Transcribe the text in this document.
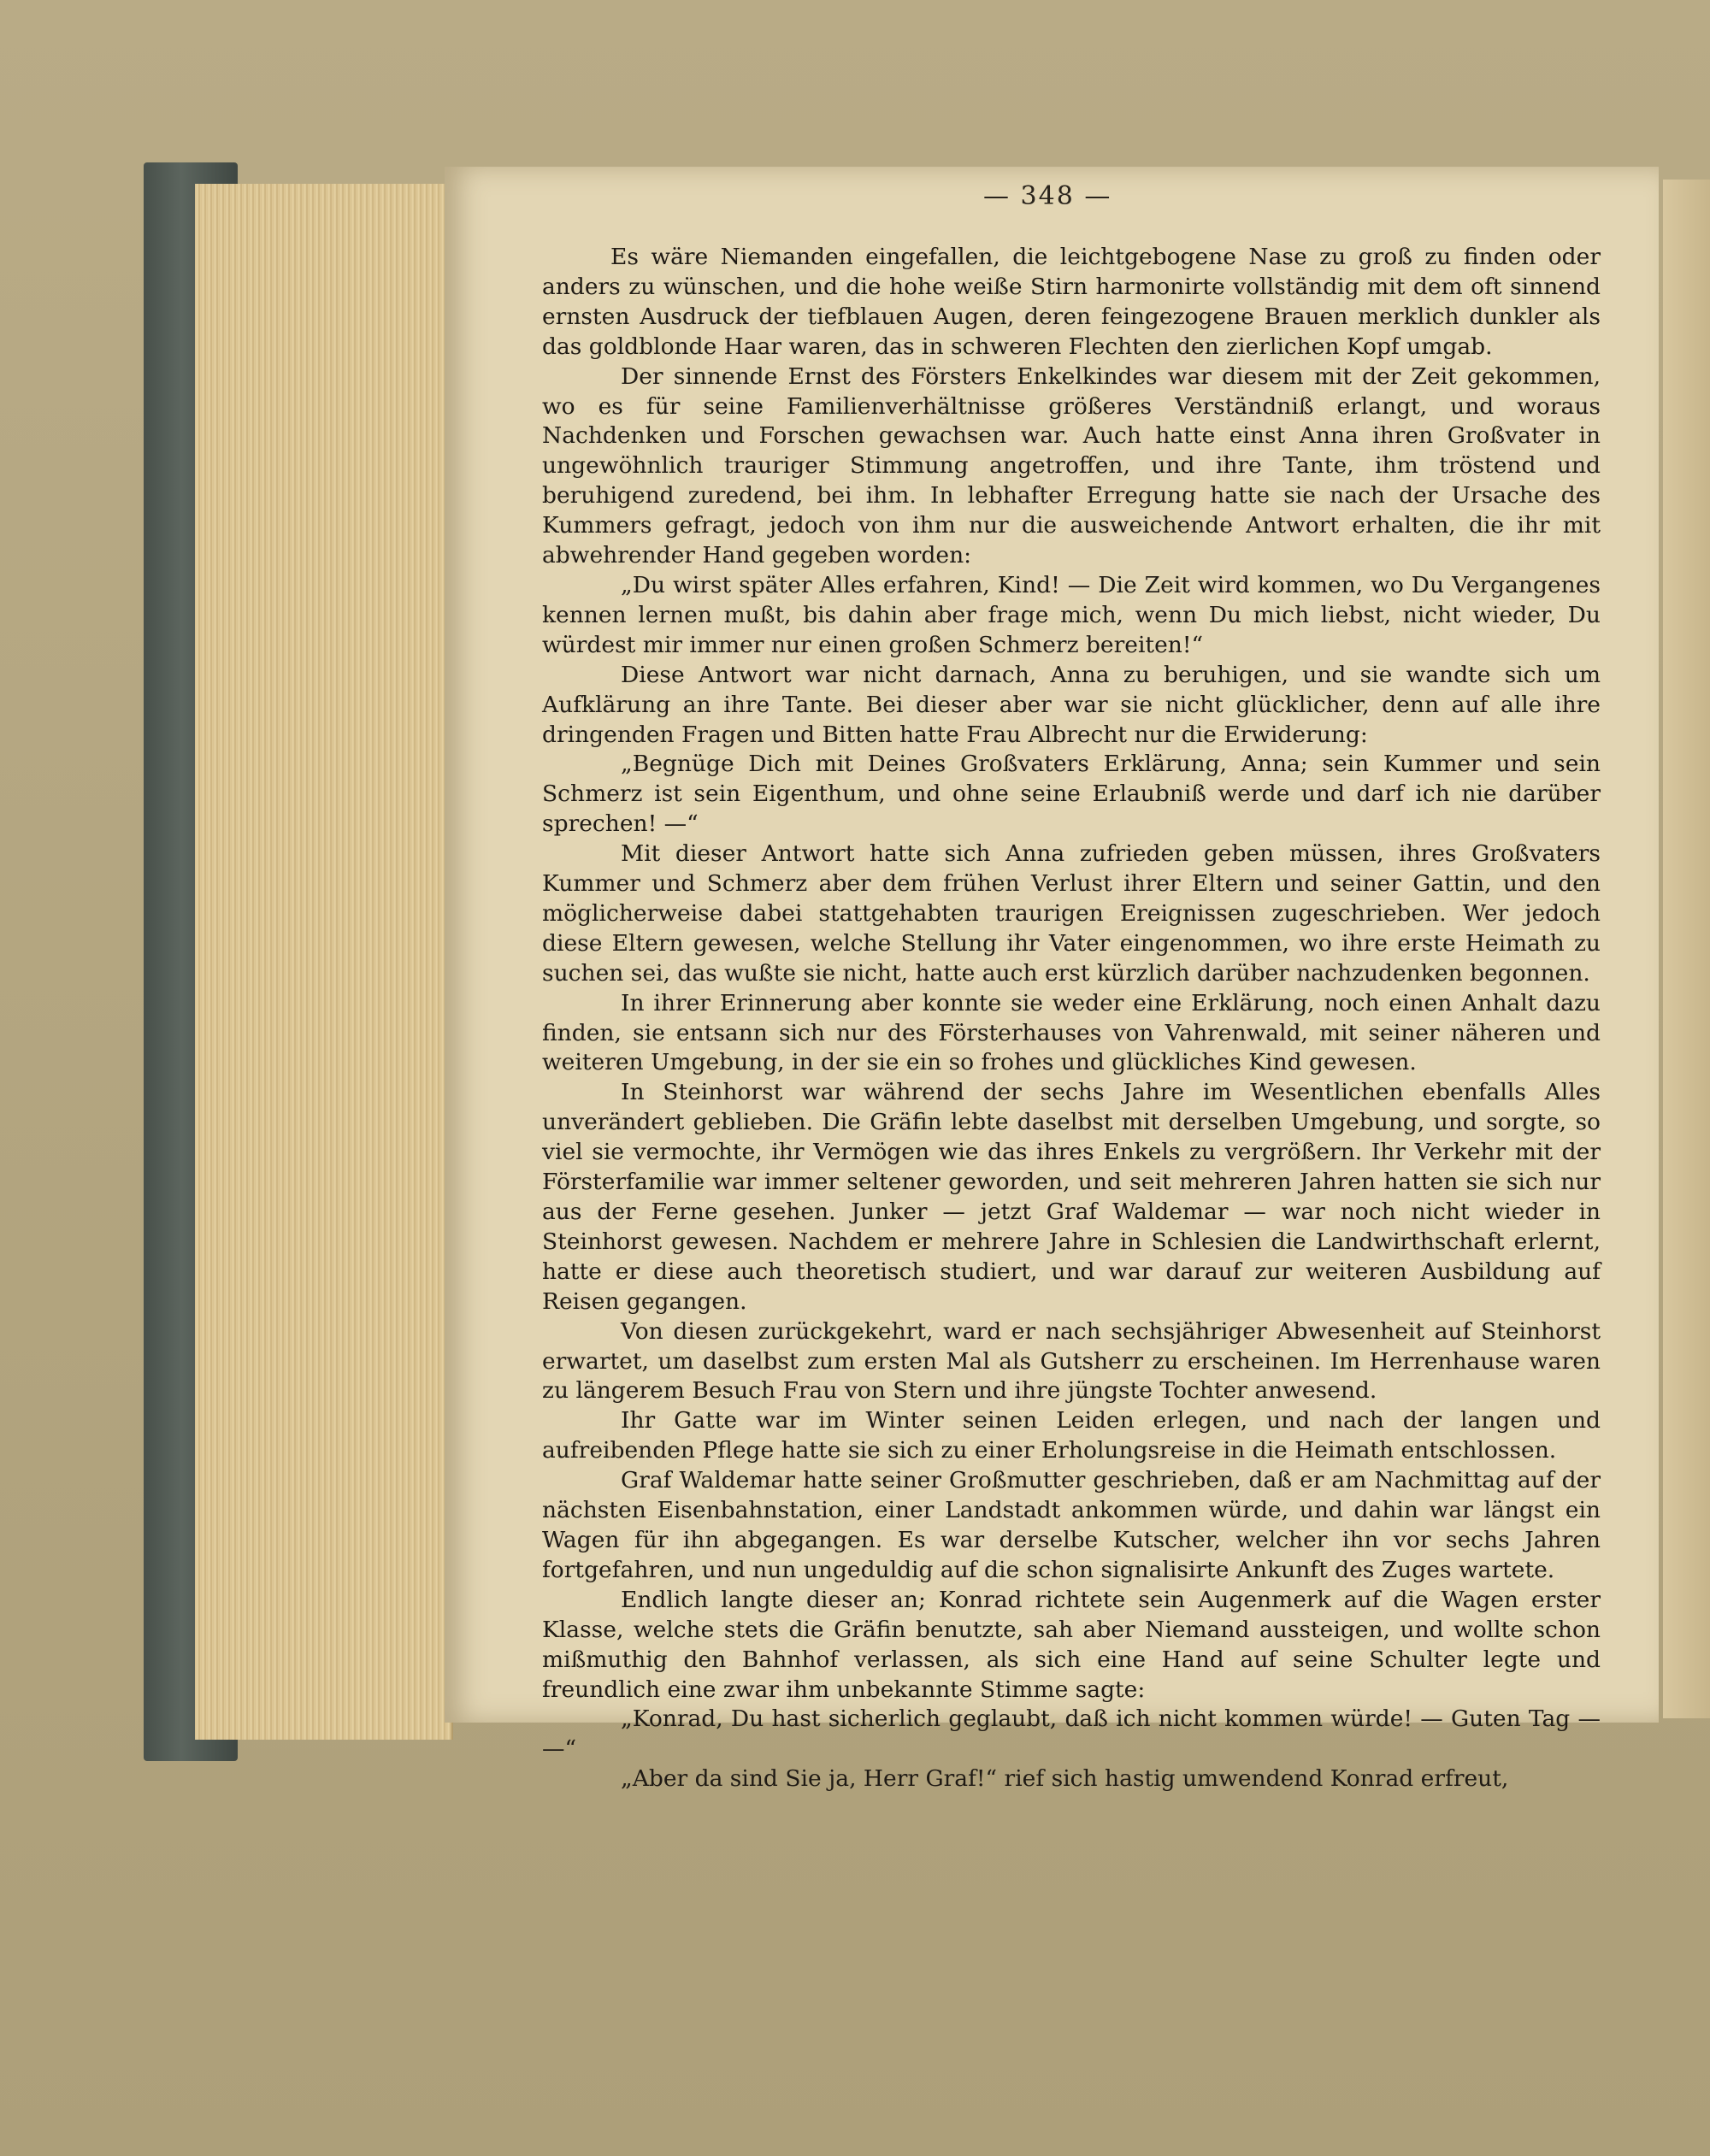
— 348 —

Es wäre Niemanden eingefallen, die leichtgebogene Nase zu groß zu finden oder anders zu wünschen, und die hohe weiße Stirn harmonirte vollständig mit dem oft sinnend ernsten Ausdruck der tiefblauen Augen, deren feingezogene Brauen merklich dunkler als das goldblonde Haar waren, das in schweren Flechten den zierlichen Kopf umgab.

Der sinnende Ernst des Försters Enkelkindes war diesem mit der Zeit gekommen, wo es für seine Familienverhältnisse größeres Verständniß erlangt, und woraus Nachdenken und Forschen gewachsen war. Auch hatte einst Anna ihren Großvater in ungewöhnlich trauriger Stimmung angetroffen, und ihre Tante, ihm tröstend und beruhigend zuredend, bei ihm. In lebhafter Erregung hatte sie nach der Ursache des Kummers gefragt, jedoch von ihm nur die ausweichende Antwort erhalten, die ihr mit abwehrender Hand gegeben worden:

„Du wirst später Alles erfahren, Kind! — Die Zeit wird kommen, wo Du Vergangenes kennen lernen mußt, bis dahin aber frage mich, wenn Du mich liebst, nicht wieder, Du würdest mir immer nur einen großen Schmerz bereiten!“

Diese Antwort war nicht darnach, Anna zu beruhigen, und sie wandte sich um Aufklärung an ihre Tante. Bei dieser aber war sie nicht glücklicher, denn auf alle ihre dringenden Fragen und Bitten hatte Frau Albrecht nur die Erwiderung:

„Begnüge Dich mit Deines Großvaters Erklärung, Anna; sein Kummer und sein Schmerz ist sein Eigenthum, und ohne seine Erlaubniß werde und darf ich nie darüber sprechen! —“

Mit dieser Antwort hatte sich Anna zufrieden geben müssen, ihres Großvaters Kummer und Schmerz aber dem frühen Verlust ihrer Eltern und seiner Gattin, und den möglicherweise dabei stattgehabten traurigen Ereignissen zugeschrieben. Wer jedoch diese Eltern gewesen, welche Stellung ihr Vater eingenommen, wo ihre erste Heimath zu suchen sei, das wußte sie nicht, hatte auch erst kürzlich darüber nachzudenken begonnen.

In ihrer Erinnerung aber konnte sie weder eine Erklärung, noch einen Anhalt dazu finden, sie entsann sich nur des Försterhauses von Vahrenwald, mit seiner näheren und weiteren Umgebung, in der sie ein so frohes und glückliches Kind gewesen.

In Steinhorst war während der sechs Jahre im Wesentlichen ebenfalls Alles unverändert geblieben. Die Gräfin lebte daselbst mit derselben Umgebung, und sorgte, so viel sie vermochte, ihr Vermögen wie das ihres Enkels zu vergrößern. Ihr Verkehr mit der Försterfamilie war immer seltener geworden, und seit mehreren Jahren hatten sie sich nur aus der Ferne gesehen. Junker — jetzt Graf Waldemar — war noch nicht wieder in Steinhorst gewesen. Nachdem er mehrere Jahre in Schlesien die Landwirthschaft erlernt, hatte er diese auch theoretisch studiert, und war darauf zur weiteren Ausbildung auf Reisen gegangen.

Von diesen zurückgekehrt, ward er nach sechsjähriger Abwesenheit auf Steinhorst erwartet, um daselbst zum ersten Mal als Gutsherr zu erscheinen. Im Herrenhause waren zu längerem Besuch Frau von Stern und ihre jüngste Tochter anwesend.

Ihr Gatte war im Winter seinen Leiden erlegen, und nach der langen und aufreibenden Pflege hatte sie sich zu einer Erholungsreise in die Heimath entschlossen.

Graf Waldemar hatte seiner Großmutter geschrieben, daß er am Nachmittag auf der nächsten Eisenbahnstation, einer Landstadt ankommen würde, und dahin war längst ein Wagen für ihn abgegangen. Es war derselbe Kutscher, welcher ihn vor sechs Jahren fortgefahren, und nun ungeduldig auf die schon signalisirte Ankunft des Zuges wartete.

Endlich langte dieser an; Konrad richtete sein Augenmerk auf die Wagen erster Klasse, welche stets die Gräfin benutzte, sah aber Niemand aussteigen, und wollte schon mißmuthig den Bahnhof verlassen, als sich eine Hand auf seine Schulter legte und freundlich eine zwar ihm unbekannte Stimme sagte:

„Konrad, Du hast sicherlich geglaubt, daß ich nicht kommen würde! — Guten Tag — —“

„Aber da sind Sie ja, Herr Graf!“ rief sich hastig umwendend Konrad erfreut,
